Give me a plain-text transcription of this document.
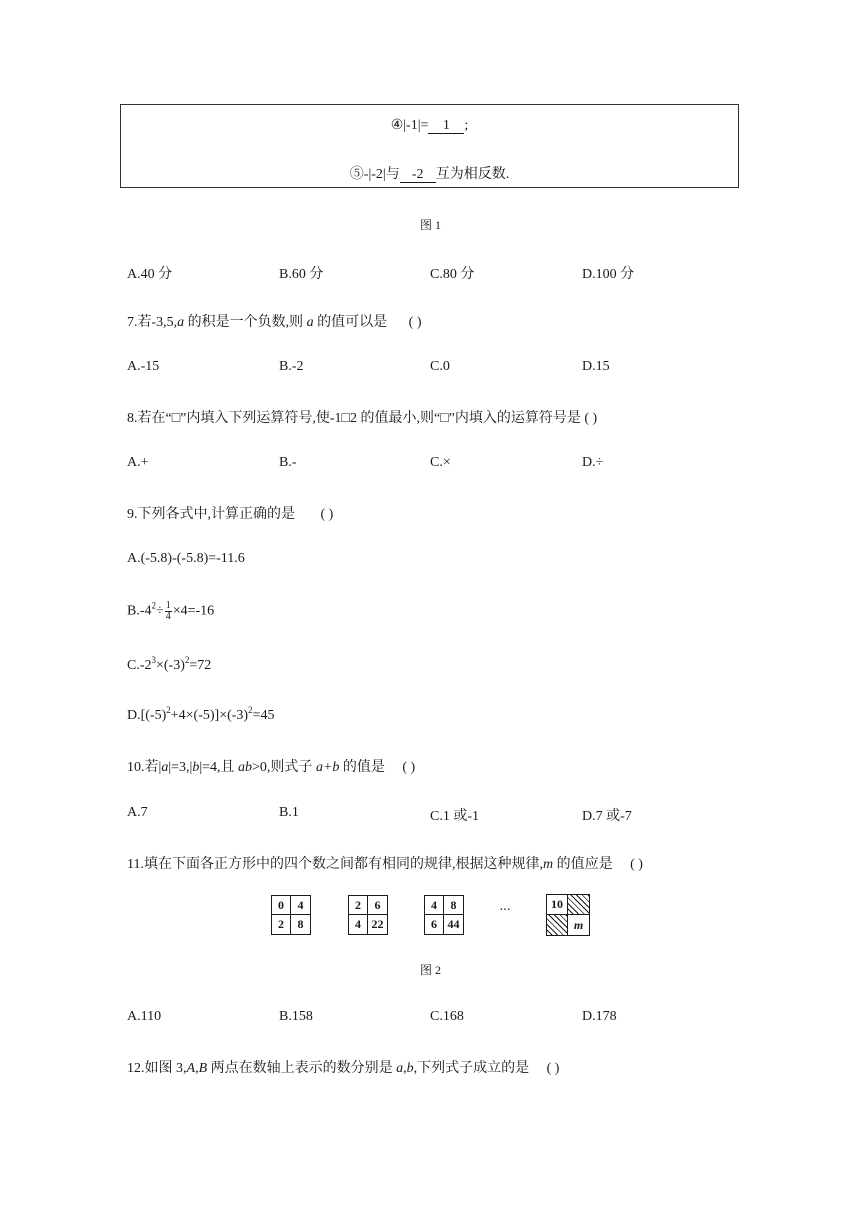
④|-1|= 1 ;
⑤-|-2|与 -2 互为相反数.
图 1
A.40 分	B.60 分	C.80 分	D.100 分
7.若-3,5,a 的积是一个负数,则 a 的值可以是 ( )
A.-15	B.-2	C.0	D.15
8.若在“□”内填入下列运算符号,使-1□2 的值最小,则“□”内填入的运算符号是 ( )
A.+	B.-	C.×	D.÷
9.下列各式中,计算正确的是 ( )
A.(-5.8)-(-5.8)=-11.6
$B.-4^2\div \frac{1}{4} \times 4=-16$
$C.-2^3\times(-3)^2=72$
$D.[(-5)^2+4\times(-5)]\times(-3)^2=45$
10.若|a|=3,|b|=4,且 ab>0,则式子 a+b 的值是 ( )
A.7	B.1	C.1 或-1	D.7 或-7
11.填在下面各正方形中的四个数之间都有相同的规律,根据这种规律,m 的值应是 ( )
0	4
2	8
2	6
4 22
4	8
6 44
···	10
m
图 2
A.110	B.158	C.168	D.178
12.如图 3,A,B 两点在数轴上表示的数分别是 a,b,下列式子成立的是 ( )
